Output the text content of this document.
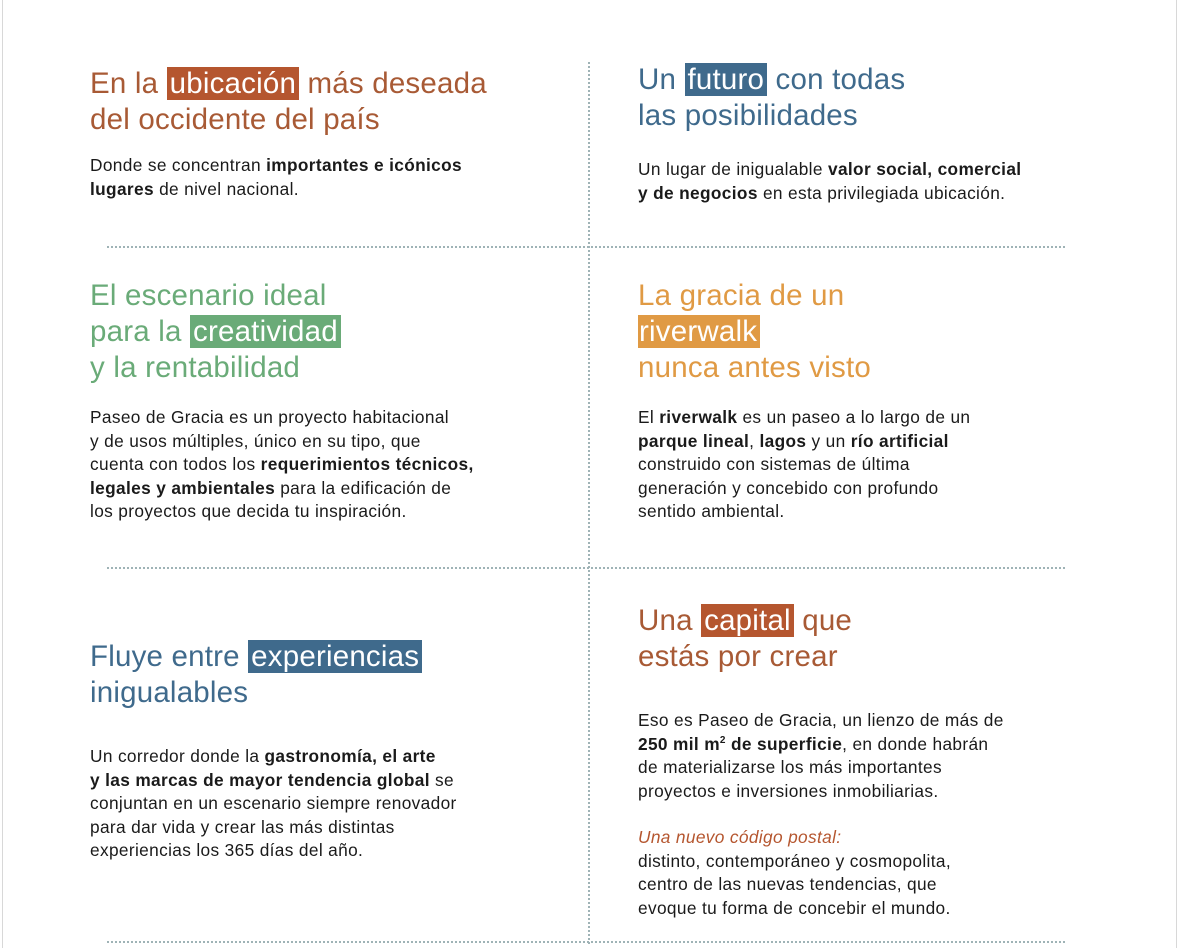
En la ubicación más deseada
del occidente del país
Donde se concentran importantes e icónicos
lugares de nivel nacional.
Un futuro con todas
las posibilidades
Un lugar de inigualable valor social, comercial
y de negocios en esta privilegiada ubicación.
El escenario ideal
para la creatividad
y la rentabilidad
Paseo de Gracia es un proyecto habitacional
y de usos múltiples, único en su tipo, que
cuenta con todos los requerimientos técnicos,
legales y ambientales para la edificación de
los proyectos que decida tu inspiración.
La gracia de un
riverwalk
nunca antes visto
El riverwalk es un paseo a lo largo de un
parque lineal, lagos y un río artificial
construido con sistemas de última
generación y concebido con profundo
sentido ambiental.
Fluye entre experiencias
inigualables
Un corredor donde la gastronomía, el arte
y las marcas de mayor tendencia global se
conjuntan en un escenario siempre renovador
para dar vida y crear las más distintas
experiencias los 365 días del año.
Una capital que
estás por crear
Eso es Paseo de Gracia, un lienzo de más de
250 mil $m^2$ de superficie, en donde habrán
de materializarse los más importantes
proyectos e inversiones inmobiliarias.
Una nuevo código postal:
distinto, contemporáneo y cosmopolita,
centro de las nuevas tendencias, que
evoque tu forma de concebir el mundo.
